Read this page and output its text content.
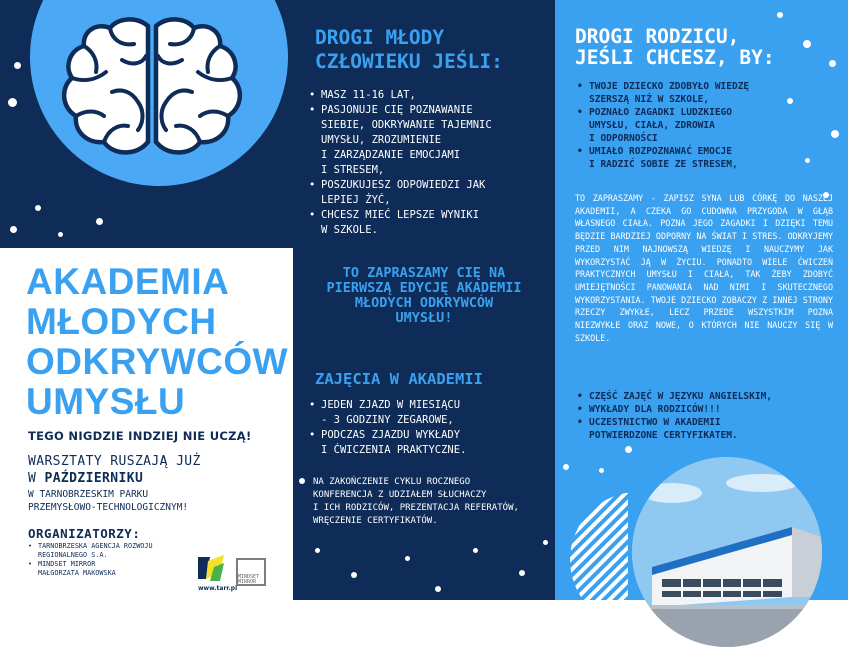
AKADEMIA
MŁODYCH
ODKRYWCÓW
UMYSŁU
TEGO NIGDZIE INDZIEJ NIE UCZĄ!
WARSZTATY RUSZAJĄ JUŻ
W PAŹDZIERNIKU
W TARNOBRZESKIM PARKU
PRZEMYSŁOWO-TECHNOLOGICZNYM!
ORGANIZATORZY:
• TARNOBRZESKA AGENCJA ROZWOJU
REGIONALNEGO S.A.
• MINDSET MIRROR
MAŁGORZATA MAKOWSKA
www.tarr.pl
MINDSET
MIRROR
DROGI MŁODY
CZŁOWIEKU JEŚLI:
• MASZ 11-16 LAT,
• PASJONUJE CIĘ POZNAWANIE
SIEBIE, ODKRYWANIE TAJEMNIC
UMYSŁU, ZROZUMIENIE
I ZARZĄDZANIE EMOCJAMI
I STRESEM,
• POSZUKUJESZ ODPOWIEDZI JAK
LEPIEJ ŻYĆ,
• CHCESZ MIEĆ LEPSZE WYNIKI
W SZKOLE.
TO ZAPRASZAMY CIĘ NA
PIERWSZĄ EDYCJĘ AKADEMII
MŁODYCH ODKRYWCÓW
UMYSŁU!
ZAJĘCIA W AKADEMII
• JEDEN ZJAZD W MIESIĄCU
- 3 GODZINY ZEGAROWE,
• PODCZAS ZJAZDU WYKŁADY
I ĆWICZENIA PRAKTYCZNE.
NA ZAKOŃCZENIE CYKLU ROCZNEGO
KONFERENCJA Z UDZIAŁEM SŁUCHACZY
I ICH RODZICÓW, PREZENTACJA REFERATÓW,
WRĘCZENIE CERTYFIKATÓW.
DROGI RODZICU,
JEŚLI CHCESZ, BY:
• TWOJE DZIECKO ZDOBYŁO WIEDZĘ
SZERSZĄ NIŻ W SZKOLE,
• POZNAŁO ZAGADKI LUDZKIEGO
UMYSŁU, CIAŁA, ZDROWIA
I ODPORNOŚCI
• UMIAŁO ROZPOZNAWAĆ EMOCJE
I RADZIĆ SOBIE ZE STRESEM,
TO ZAPRASZAMY - ZAPISZ SYNA LUB CÓRKĘ DO NASZEJ AKADEMII, A CZEKA GO CUDOWNA PRZYGODA W GŁĄB WŁASNEGO CIAŁA. POZNA JEGO ZAGADKI I DZIĘKI TEMU BĘDZIE BARDZIEJ ODPORNY NA ŚWIAT I STRES. ODKRYJEMY PRZED NIM NAJNOWSZĄ WIEDZĘ I NAUCZYMY JAK WYKORZYSTAĆ JĄ W ŻYCIU. PONADTO WIELE ĆWICZEŃ PRAKTYCZNYCH UMYSŁU I CIAŁA, TAK ŻEBY ZDOBYĆ UMIEJĘTNOŚCI PANOWANIA NAD NIMI I SKUTECZNEGO WYKORZYSTANIA. TWOJE DZIECKO ZOBACZY Z INNEJ STRONY RZECZY ZWYKŁE, LECZ PRZEDE WSZYSTKIM POZNA NIEZWYKŁE ORAZ NOWE, O KTÓRYCH NIE NAUCZY SIĘ W SZKOLE.
• CZĘŚĆ ZAJĘĆ W JĘZYKU ANGIELSKIM,
• WYKŁADY DLA RODZICÓW!!!
• UCZESTNICTWO W AKADEMII
POTWIERDZONE CERTYFIKATEM.
